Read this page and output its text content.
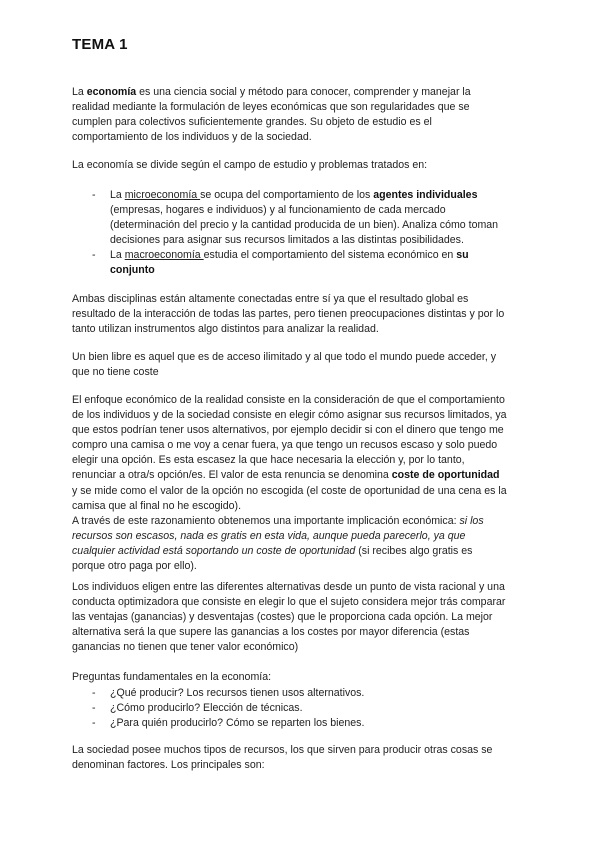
TEMA 1
La economía es una ciencia social y método para conocer, comprender y manejar la
realidad mediante la formulación de leyes económicas que son regularidades que se
cumplen para colectivos suficientemente grandes. Su objeto de estudio es el
comportamiento de los individuos y de la sociedad.
La economía se divide según el campo de estudio y problemas tratados en:
- La microeconomía se ocupa del comportamiento de los agentes individuales
(empresas, hogares e individuos) y al funcionamiento de cada mercado
(determinación del precio y la cantidad producida de un bien). Analiza cómo toman
decisiones para asignar sus recursos limitados a las distintas posibilidades.
- La macroeconomía estudia el comportamiento del sistema económico en su
conjunto
Ambas disciplinas están altamente conectadas entre sí ya que el resultado global es
resultado de la interacción de todas las partes, pero tienen preocupaciones distintas y por lo
tanto utilizan instrumentos algo distintos para analizar la realidad.
Un bien libre es aquel que es de acceso ilimitado y al que todo el mundo puede acceder, y
que no tiene coste
El enfoque económico de la realidad consiste en la consideración de que el comportamiento
de los individuos y de la sociedad consiste en elegir cómo asignar sus recursos limitados, ya
que estos podrían tener usos alternativos, por ejemplo decidir si con el dinero que tengo me
compro una camisa o me voy a cenar fuera, ya que tengo un recusos escaso y solo puedo
elegir una opción. Es esta escasez la que hace necesaria la elección y, por lo tanto,
renunciar a otra/s opción/es. El valor de esta renuncia se denomina coste de oportunidad
y se mide como el valor de la opción no escogida (el coste de oportunidad de una cena es la
camisa que al final no he escogido).
A través de este razonamiento obtenemos una importante implicación económica: si los
recursos son escasos, nada es gratis en esta vida, aunque pueda parecerlo, ya que
cualquier actividad está soportando un coste de oportunidad (si recibes algo gratis es
porque otro paga por ello).
Los individuos eligen entre las diferentes alternativas desde un punto de vista racional y una
conducta optimizadora que consiste en elegir lo que el sujeto considera mejor trás comparar
las ventajas (ganancias) y desventajas (costes) que le proporciona cada opción. La mejor
alternativa será la que supere las ganancias a los costes por mayor diferencia (estas
ganancias no tienen que tener valor económico)
Preguntas fundamentales en la economía:
- ¿Qué producir? Los recursos tienen usos alternativos.
- ¿Cómo producirlo? Elección de técnicas.
- ¿Para quién producirlo? Cómo se reparten los bienes.
La sociedad posee muchos tipos de recursos, los que sirven para producir otras cosas se
denominan factores. Los principales son:
